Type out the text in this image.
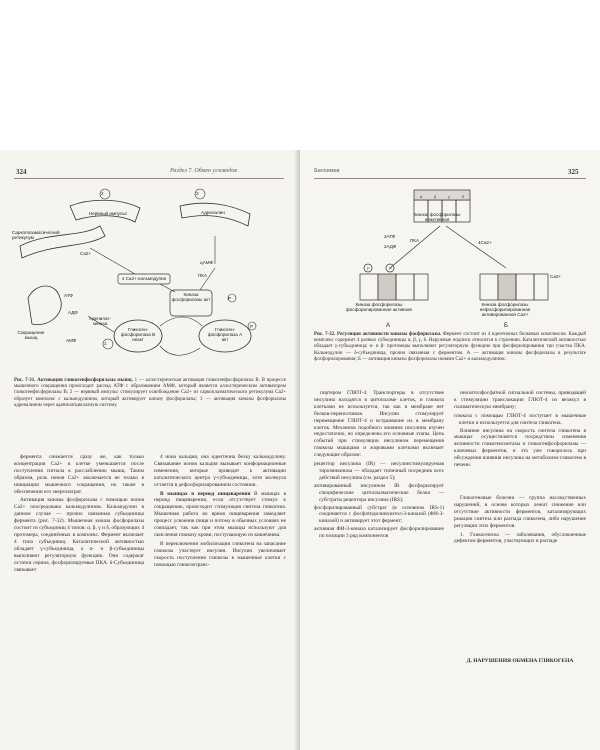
324	Раздел 7. Обмен углеводов
2	3
1
Нервный импульс
Саркоплазматический ретикулум
Ca2+
Адреналин
цАМФ
4 Ca2+-кальмодулин
ПКА
Киназа фосфорилазы акт	P
АТФ
АДФ
АМФ
Аденилат-киназа
Сокращение мышц
Гликоген-фосфорилаза B неакт
Гликоген-фосфорилаза A акт
P
Рис. 7-31. Активация гликогенфосфорилазы мышц. 1 — аллостерическая активация гликогенфосфорилазы B. В процессе мышечного сокращения происходит распад АТФ с образованием АМФ, который является аллостерическим активатором гликогенфосфорилазы B; 2 — нервный импульс стимулирует освобождение Ca2+ из саркоплазматического ретикулума Ca2+ образует комплекс с кальмодулином, который активирует киназу фосфорилазы; 3 — активация киназы фосфорилазы адреналином через аденилатциклазную систему.

фермента снижается сразу же, как только концентрация Ca2+ в клетке уменьшается после поступления сигнала к расслаблению мышц. Таким образом, роль ионов Ca2+ заключается не только в инициации мышечного сокращения, но также в обеспечении его энергозатрат.

Активация киназы фосфорилазы с помощью ионов Ca2+ опосредована кальмодулином. Кальмодулин в данном случае — прочно связанная субъединица фермента (рис. 7-32). Мышечная киназа фосфорилазы состоит из субъединиц 4 типов: α, β, γ и δ, образующих 4 протомера, соединённых в комплекс. Фермент включает 4 типа субъединиц. Каталитической активностью обладает γ-субъединица, а α- и β-субъединицы выполняют регуляторную функцию. Они содержат остатки серина, фосфорилируемые ПКА. δ-Субъединица связывает

4 иона кальция, она идентична белку кальмодулину. Связывание ионов кальция вызывает конформационные изменения, которые приводят к активации каталитического центра γ-субъединицы, хотя молекула остается в дефосфорилированном состоянии.

В мышцах в период пищеварения В мышцах в период пищеварения, если отсутствует стимул к сокращению, происходит стимуляция синтеза гликогена. Мышечная работа во время пищеварения замедляет процесс усвоения пищи и потому в обычных условиях не совпадает, так как при этом мышцы используют для окисления глюкозу крови, поступающую из кишечника.

В переключении мобилизации гликогена на запасание глюкозы участвует инсулин. Инсулин увеличивает скорость поступления глюкозы в мышечные клетки с помощью глюкозотранс-

Биохимия	325
P	P
α	β	γ	δ
Киназа фосфорилазы неактивная
2АТФ
2АДФ
4Ca2+
ПКА
Ca2+
Киназа фосфорилазы фосфорилированная активная
Киназа фосфорилазы нефосфорилированная активированная Ca2+
А	Б
Рис. 7-32. Регуляция активности киназы фосфорилазы. Фермент состоит из 4 идентичных белковых комплексов. Каждый комплекс содержит 4 разных субъединицы α, β, γ, δ. Наружные подписи относятся к строению. Каталитической активностью обладает γ-субъединица; α- и β- протомеры выполняют регуляторную функцию при фосфорилировании три участка ПКА. Кальмодулин — δ-субъединица, прочно связанная с ферментом. А — активация киназы фосфорилазы в результате фосфорилирования; Б — активация киназы фосфорилазы ионами Ca2+ и кальмодулином.

портером ГЛЮТ-4. Транспортеры в отсутствие инсулина находятся в цитоплазме клеток, и глюкоза клетками не используется, так как в мембране нет белков-переносчиков. Инсулин стимулирует перемещение ГЛЮТ-4 и встраивание их в мембрану клеток. Механизм подобного влияния инсулина изучен недостаточно, но определены его основные этапы. Цепь событий при стимуляции инсулином перемещения глюкозы мышцами и жировыми клетками включает следующие образом:

рецептор инсулина (IR) — инсулинстимулируемая тирозинкиназа — обладает типичный посредник всех действий инсулина (см. раздел 5);

активированный инсулином IR фосфорилирует специфические цитоплазматические белки — субстраты рецептора инсулина (IRS);

фосфорилированный субстрат (в основном IRS-1) соединяется с фосфатидилинозитол-3-киназой (ФИ-3-киназой) и активирует этот фермент;

активная ФИ-3-киназа катализирует фосфорилирование по позиции 3 ряд компонентов

инозитолфосфатной сигнальной системы, приводящей к стимуляции транслокации ГЛЮТ-4 из везикул в плазматическую мембрану;

глюкоза с помощью ГЛЮТ-4 поступает в мышечные клетки и используется для синтеза гликогена.

Влияние инсулина на скорость синтеза гликогена в мышцах осуществляется посредством изменения активности гликогенсинтазы и гликогенфосфорилазы — ключевых ферментов, и это уже говорилось при обсуждении влияния инсулина на метаболизм гликогена в печени.

Гликогеновые болезни — группа наследственных нарушений, в основе которых лежит снижение или отсутствие активности ферментов, катализирующих реакции синтеза или распада гликогена, либо нарушение регуляции этих ферментов.

1. Гликогенозы — заболевания, обусловленные дефектом ферментов, участвующих в распаде

Д. НАРУШЕНИЯ ОБМЕНА ГЛИКОГЕНА
